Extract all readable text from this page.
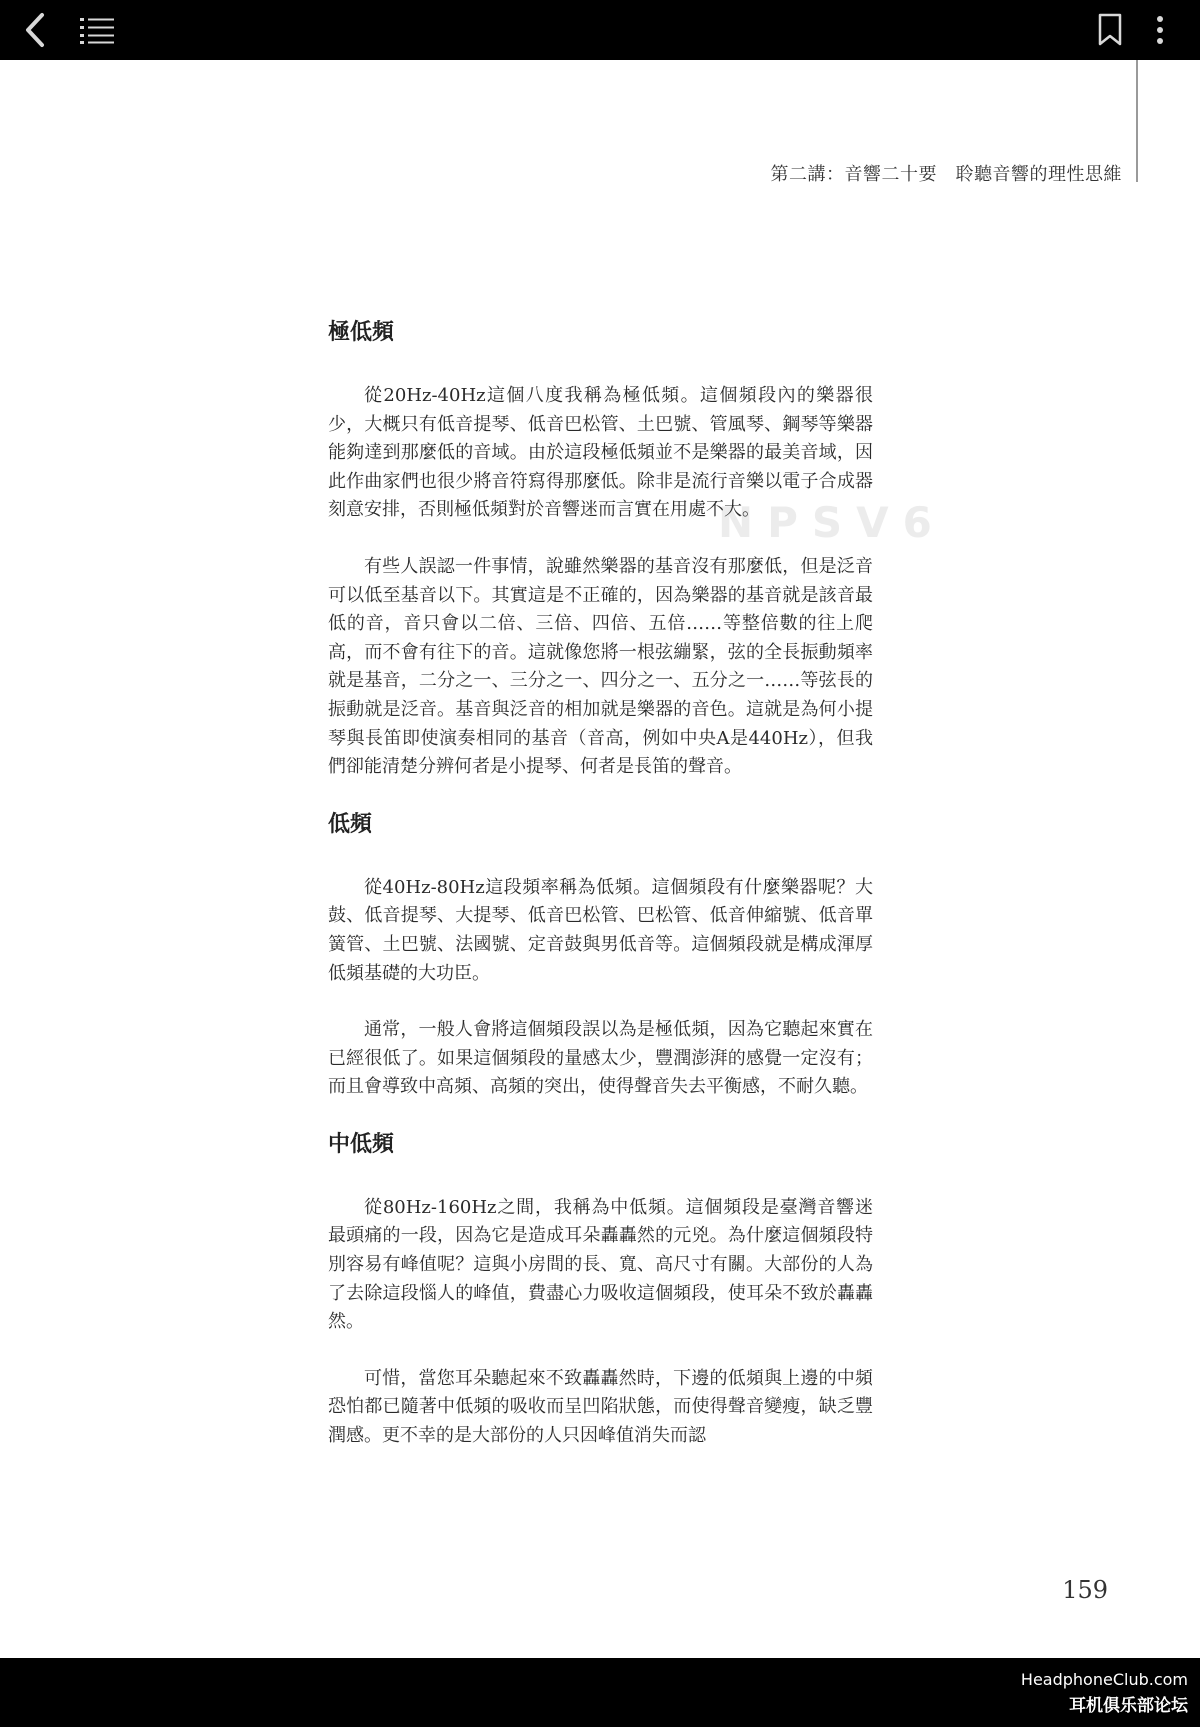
第二講：音響二十要　聆聽音響的理性思維
NPSV6
極低頻

從20Hz-40Hz這個八度我稱為極低頻。這個頻段內的樂器很少，大概只有低音提琴、低音巴松管、土巴號、管風琴、鋼琴等樂器能夠達到那麼低的音域。由於這段極低頻並不是樂器的最美音域，因此作曲家們也很少將音符寫得那麼低。除非是流行音樂以電子合成器刻意安排，否則極低頻對於音響迷而言實在用處不大。

有些人誤認一件事情，說雖然樂器的基音沒有那麼低，但是泛音可以低至基音以下。其實這是不正確的，因為樂器的基音就是該音最低的音，音只會以二倍、三倍、四倍、五倍……等整倍數的往上爬高，而不會有往下的音。這就像您將一根弦繃緊，弦的全長振動頻率就是基音，二分之一、三分之一、四分之一、五分之一……等弦長的振動就是泛音。基音與泛音的相加就是樂器的音色。這就是為何小提琴與長笛即使演奏相同的基音（音高，例如中央A是440Hz），但我們卻能清楚分辨何者是小提琴、何者是長笛的聲音。

低頻

從40Hz-80Hz這段頻率稱為低頻。這個頻段有什麼樂器呢？大鼓、低音提琴、大提琴、低音巴松管、巴松管、低音伸縮號、低音單簧管、土巴號、法國號、定音鼓與男低音等。這個頻段就是構成渾厚低頻基礎的大功臣。

通常，一般人會將這個頻段誤以為是極低頻，因為它聽起來實在已經很低了。如果這個頻段的量感太少，豐潤澎湃的感覺一定沒有；而且會導致中高頻、高頻的突出，使得聲音失去平衡感，不耐久聽。

中低頻

從80Hz-160Hz之間，我稱為中低頻。這個頻段是臺灣音響迷最頭痛的一段，因為它是造成耳朵轟轟然的元兇。為什麼這個頻段特別容易有峰值呢？這與小房間的長、寬、高尺寸有關。大部份的人為了去除這段惱人的峰值，費盡心力吸收這個頻段，使耳朵不致於轟轟然。

可惜，當您耳朵聽起來不致轟轟然時，下邊的低頻與上邊的中頻恐怕都已隨著中低頻的吸收而呈凹陷狀態，而使得聲音變瘦，缺乏豐潤感。更不幸的是大部份的人只因峰值消失而認

159
HeadphoneClub.com
耳机俱乐部论坛
